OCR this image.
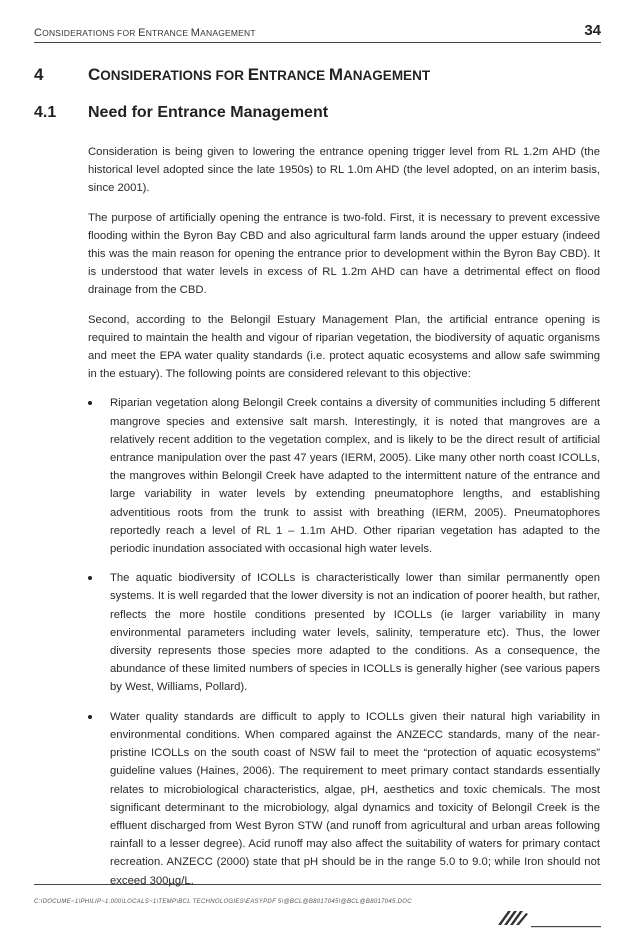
CONSIDERATIONS FOR ENTRANCE MANAGEMENT	34
4	CONSIDERATIONS FOR ENTRANCE MANAGEMENT
4.1 Need for Entrance Management

Consideration is being given to lowering the entrance opening trigger level from RL 1.2m AHD (the historical level adopted since the late 1950s) to RL 1.0m AHD (the level adopted, on an interim basis, since 2001).

The purpose of artificially opening the entrance is two-fold. First, it is necessary to prevent excessive flooding within the Byron Bay CBD and also agricultural farm lands around the upper estuary (indeed this was the main reason for opening the entrance prior to development within the Byron Bay CBD). It is understood that water levels in excess of RL 1.2m AHD can have a detrimental effect on flood drainage from the CBD.

Second, according to the Belongil Estuary Management Plan, the artificial entrance opening is required to maintain the health and vigour of riparian vegetation, the biodiversity of aquatic organisms and meet the EPA water quality standards (i.e. protect aquatic ecosystems and allow safe swimming in the estuary). The following points are considered relevant to this objective:

Riparian vegetation along Belongil Creek contains a diversity of communities including 5 different mangrove species and extensive salt marsh. Interestingly, it is noted that mangroves are a relatively recent addition to the vegetation complex, and is likely to be the direct result of artificial entrance manipulation over the past 47 years (IERM, 2005). Like many other north coast ICOLLs, the mangroves within Belongil Creek have adapted to the intermittent nature of the entrance and large variability in water levels by extending pneumatophore lengths, and establishing adventitious roots from the trunk to assist with breathing (IERM, 2005). Pneumatophores reportedly reach a level of RL 1 – 1.1m AHD. Other riparian vegetation has adapted to the periodic inundation associated with occasional high water levels.
The aquatic biodiversity of ICOLLs is characteristically lower than similar permanently open systems. It is well regarded that the lower diversity is not an indication of poorer health, but rather, reflects the more hostile conditions presented by ICOLLs (ie larger variability in many environmental parameters including water levels, salinity, temperature etc). Thus, the lower diversity represents those species more adapted to the conditions. As a consequence, the abundance of these limited numbers of species in ICOLLs is generally higher (see various papers by West, Williams, Pollard).
Water quality standards are difficult to apply to ICOLLs given their natural high variability in environmental conditions. When compared against the ANZECC standards, many of the near-pristine ICOLLs on the south coast of NSW fail to meet the “protection of aquatic ecosystems” guideline values (Haines, 2006). The requirement to meet primary contact standards essentially relates to microbiological characteristics, algae, pH, aesthetics and toxic chemicals. The most significant determinant to the microbiology, algal dynamics and toxicity of Belongil Creek is the effluent discharged from West Byron STW (and runoff from agricultural and urban areas following rainfall to a lesser degree). Acid runoff may also affect the suitability of waters for primary contact recreation. ANZECC (2000) state that pH should be in the range 5.0 to 9.0; while Iron should not exceed 300µg/L.
C:\DOCUME~1\PHILIP~1.000\LOCALS~1\TEMP\BCL TECHNOLOGIES\EASYPDF 5\@BCL@B8017045\@BCL@B8017045.DOC
